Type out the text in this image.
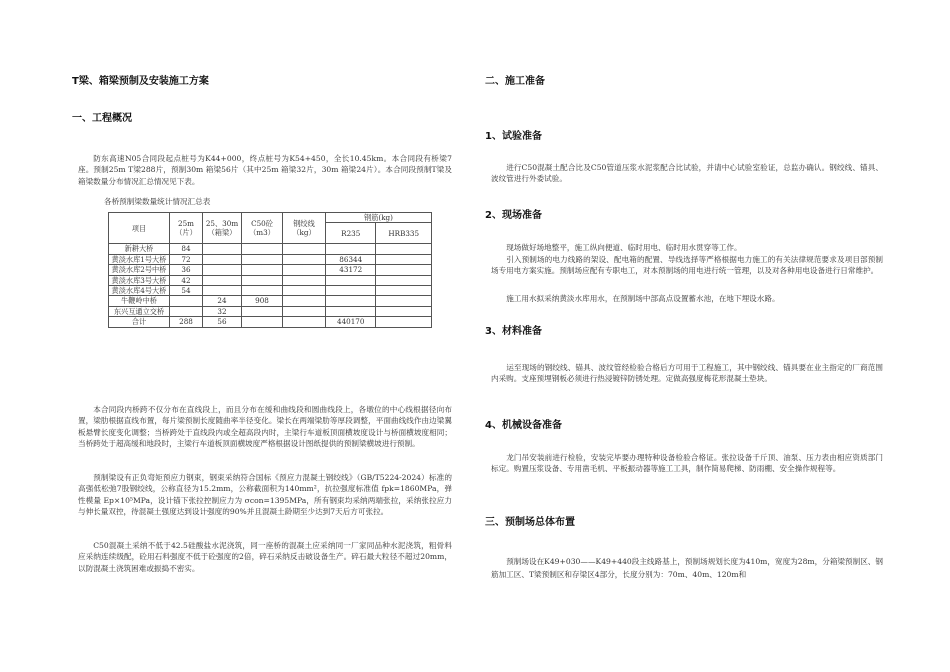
T梁、箱梁预制及安装施工方案
一、工程概况
防东高速N05合同段起点桩号为K44+000，终点桩号为K54+450，全长10.45km。本合同段有桥梁7座。预制25m T梁288片，预制30m 箱梁56片（其中25m 箱梁32片，30m 箱梁24片）。本合同段预制T梁及箱梁数量分布情况汇总情况见下表。
各桥预制梁数量统计情况汇总表
项目	25m（片）	25、30m（箱梁）	C50砼（m3）	钢绞线（kg）	钢筋(kg)	
					R235	HRB335
新耕大桥	84					
黄淡水库1号大桥	72				86344	
黄淡水库2号中桥	36				43172	
黄淡水库3号大桥	42					
黄淡水库4号大桥	54					
牛鞭岭中桥		24	908			
东兴互通立交桥		32				
合计	288	56			440170	
本合同段内桥跨不仅分布在直线段上，而且分布在缓和曲线段和圆曲线段上，各墩位的中心线根据径向布置，梁肋根据直线布置，每片梁预制长度随曲率半径变化。梁长在两端梁肋等厚段调整，平面曲线线作由边梁翼板悬臂长度变化调整；当桥跨处于直线段内或全超高段内时，主梁行车道板顶面横坡度设计与桥面横坡度相同；当桥跨处于超高缓和地段时，主梁行车道板顶面横坡度严格根据设计图纸提供的预制梁横坡进行预制。
预制梁设有正负弯矩预应力钢束，钢束采纳符合国标《预应力混凝土钢绞线》（GB/T5224-2024）标准的高强低松弛7股钢绞线，公称直径为15.2mm，公称截面积为140mm²，抗拉强度标准值 fpk=1860MPa，弹性模量 Ep×10⁵MPa，设计锚下张拉控制应力为 σcon=1395MPa，所有钢束均采纳两端张拉，采纳张拉应力与伸长量双控，待混凝土强度达到设计强度的90%并且混凝土龄期至少达到7天后方可张拉。
C50混凝土采纳不低于42.5硅酸盐水泥浇筑，同一座桥的混凝土应采纳同一厂家同品种水泥浇筑，粗骨料应采纳连续级配，砼用石料强度不低于砼强度的2倍，碎石采纳反击破设备生产。碎石最大粒径不超过20mm，以防混凝土浇筑困难或振捣不密实。
二、施工准备
1、试验准备
进行C50混凝土配合比及C50管道压浆水泥浆配合比试验，并请中心试验室验证，总监办确认。钢绞线、锚具、波纹管进行外委试验。
2、现场准备
现场做好场地整平，施工纵向便道、临时用电、临时用水贯穿等工作。
引入预制场的电力线路的架设、配电箱的配置、导线选择等严格根据电力施工的有关法律规范要求及项目部预制场专用电方案实施。预制场应配有专职电工，对本预制场的用电进行统一管理，以及对各种用电设备进行日常维护。
施工用水拟采纳黄淡水库用水，在预制场中部高点设置蓄水池，在地下埋设水路。
3、材料准备
运至现场的钢绞线、锚具、波纹管经检验合格后方可用于工程施工，其中钢绞线、锚具要在业主指定的厂商范围内采购。支座预埋钢板必须进行热浸镀锌防锈处理。定做高强度梅花形混凝土垫块。
4、机械设备准备
龙门吊安装前进行检验，安装完毕要办理特种设备检验合格证。张拉设备千斤顶、油泵、压力表由相应资质部门标定。购置压浆设备、专用凿毛机、平板振动器等施工工具，制作简易爬梯、防雨棚、安全操作规程等。
三、预制场总体布置
预制场设在K49+030——K49+440段主线路基上，预制场规划长度为410m，宽度为28m，分箱梁预制区、钢筋加工区、T梁预制区和存梁区4部分，长度分别为：70m、40m、120m和
